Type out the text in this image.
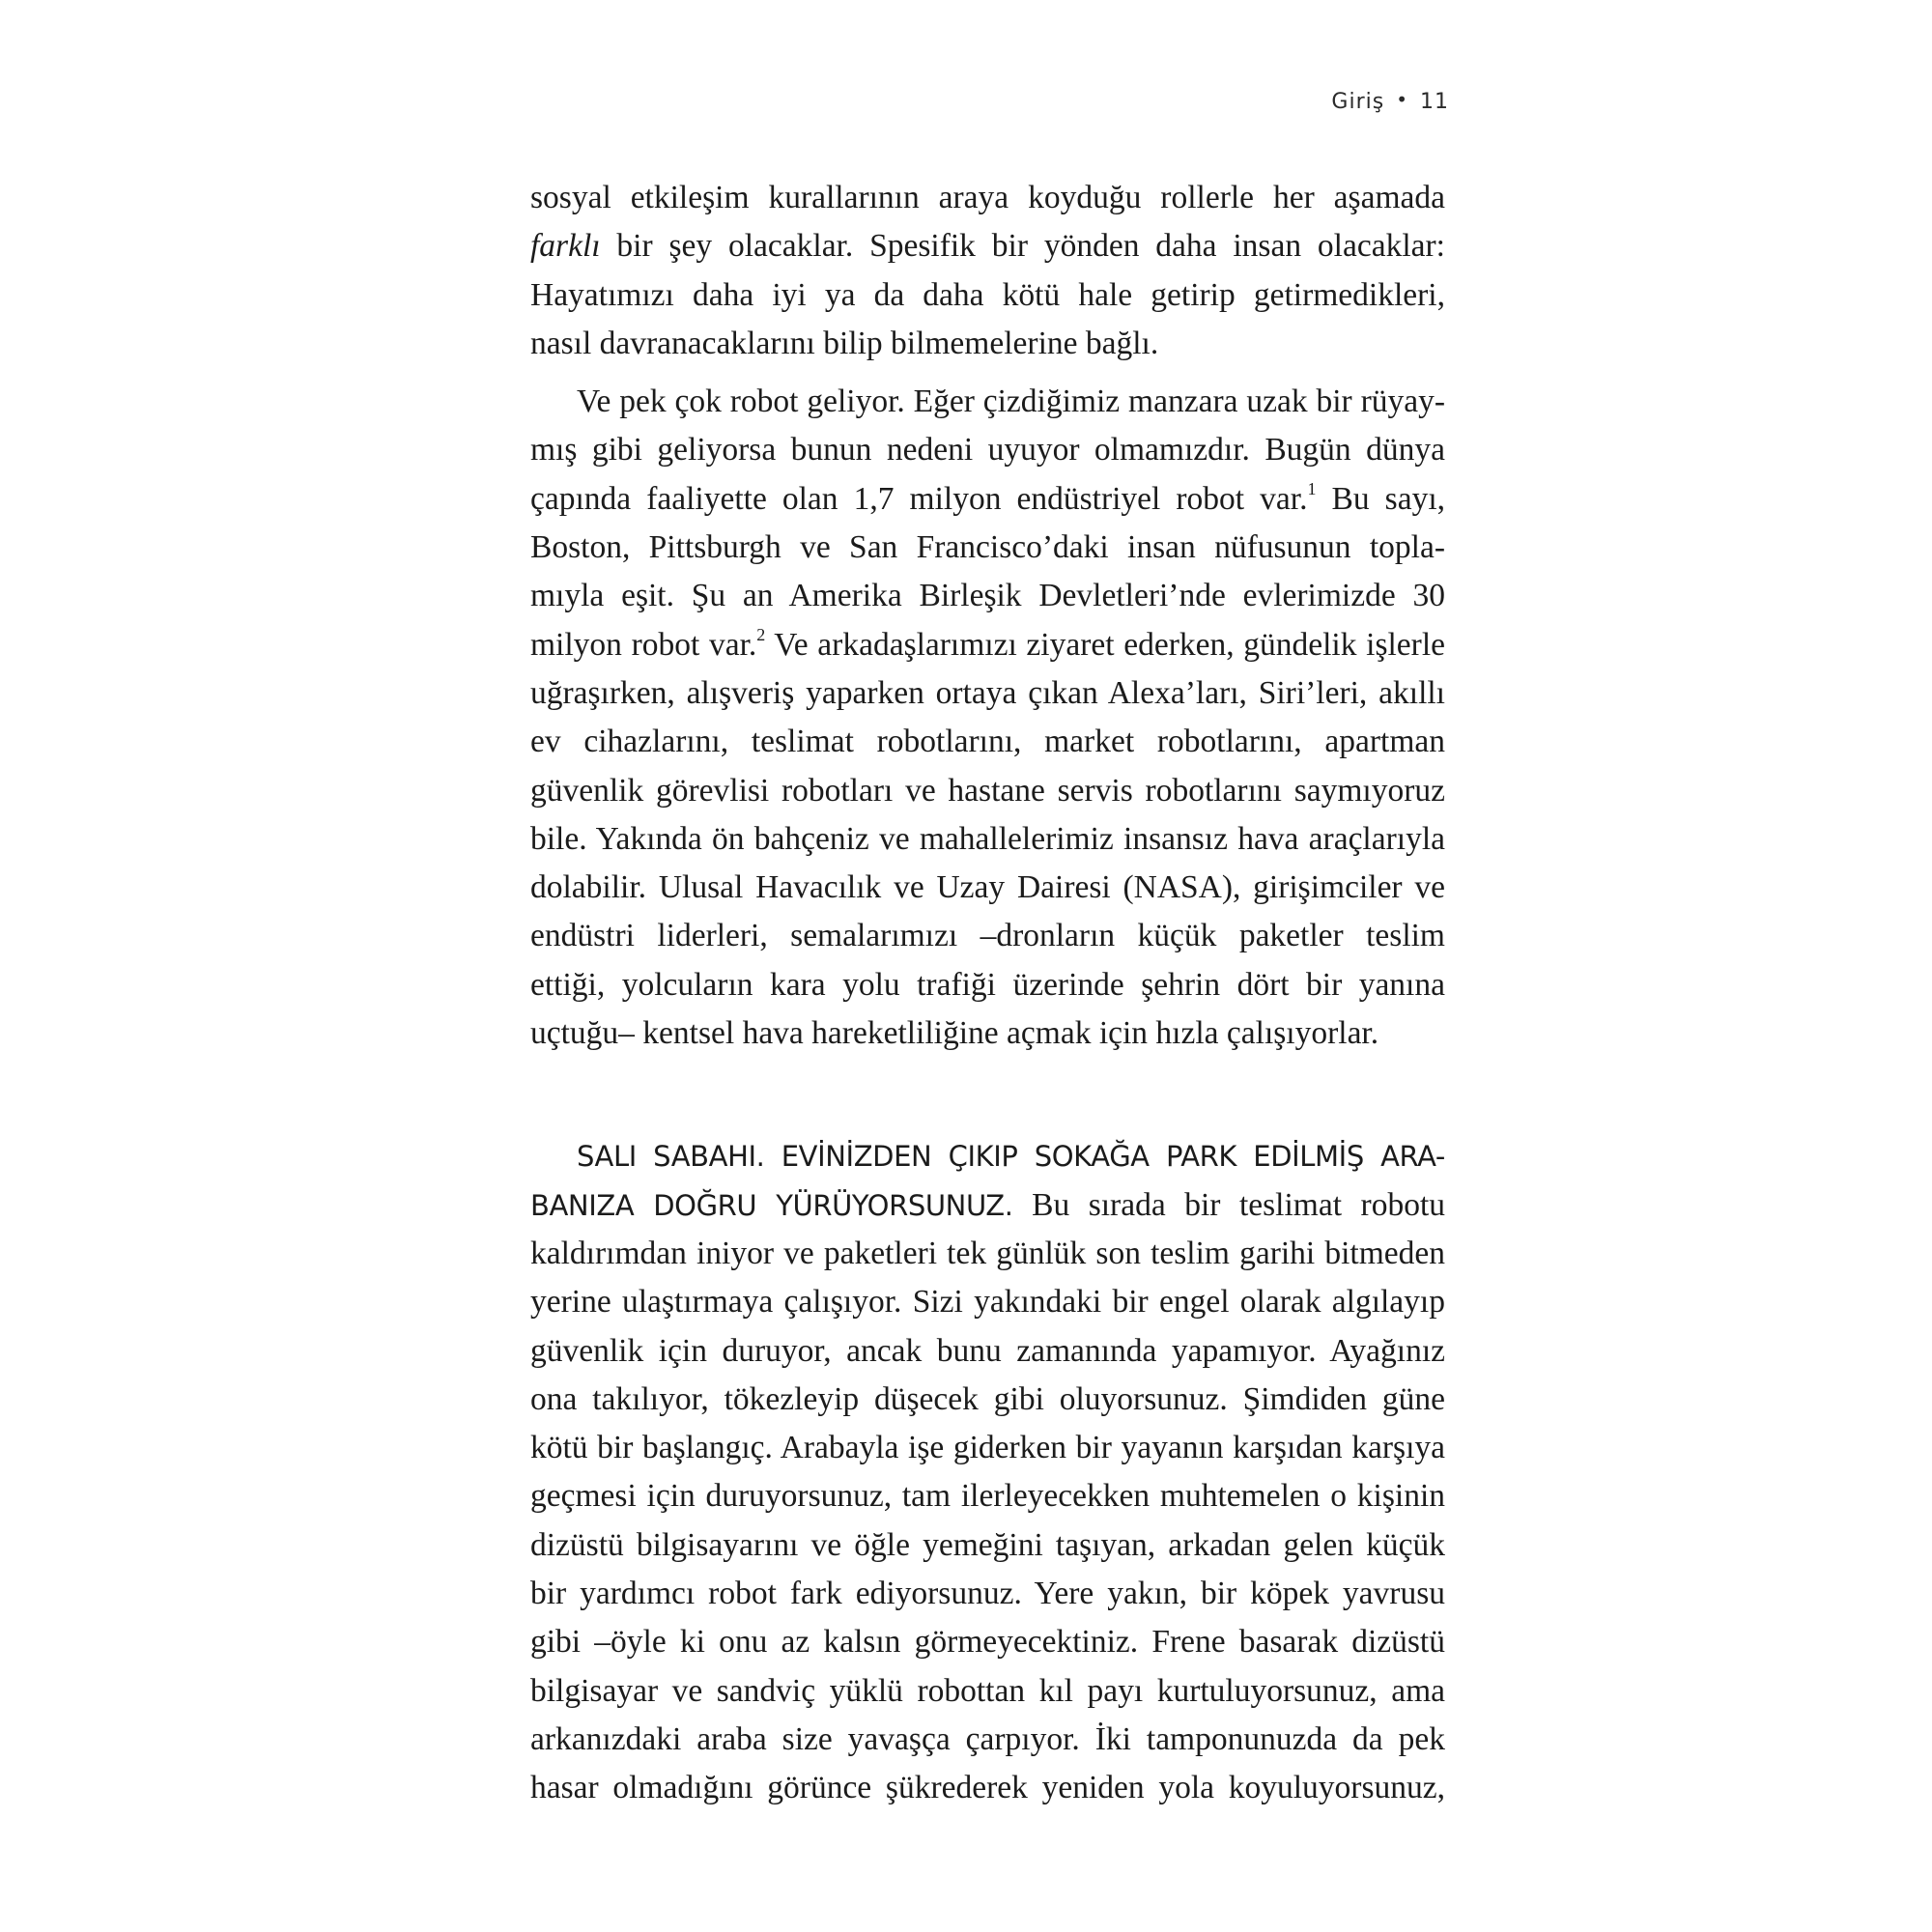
Giriş • 11

sosyal etkileşim kurallarının araya koyduğu rollerle her aşamada
farklı bir şey olacaklar. Spesifik bir yönden daha insan olacaklar:
Hayatımızı daha iyi ya da daha kötü hale getirip getirmedikleri,
nasıl davranacaklarını bilip bilmemelerine bağlı.

Ve pek çok robot geliyor. Eğer çizdiğimiz manzara uzak bir rüyay-
mış gibi geliyorsa bunun nedeni uyuyor olmamızdır. Bugün dünya
çapında faaliyette olan 1,7 milyon endüstriyel robot var.$^1$ Bu sayı,
Boston, Pittsburgh ve San Francisco’daki insan nüfusunun topla-
mıyla eşit. Şu an Amerika Birleşik Devletleri’nde evlerimizde 30
milyon robot var.$^2$ Ve arkadaşlarımızı ziyaret ederken, gündelik işlerle
uğraşırken, alışveriş yaparken ortaya çıkan Alexa’ları, Siri’leri, akıllı
ev cihazlarını, teslimat robotlarını, market robotlarını, apartman
güvenlik görevlisi robotları ve hastane servis robotlarını saymıyoruz
bile. Yakında ön bahçeniz ve mahallelerimiz insansız hava araçlarıyla
dolabilir. Ulusal Havacılık ve Uzay Dairesi (NASA), girişimciler ve
endüstri liderleri, semalarımızı –dronların küçük paketler teslim
ettiği, yolcuların kara yolu trafiği üzerinde şehrin dört bir yanına
uçtuğu– kentsel hava hareketliliğine açmak için hızla çalışıyorlar.

SALI SABAHI. EVİNİZDEN ÇIKIP SOKAĞA PARK EDİLMİŞ ARA-
BANIZA DOĞRU YÜRÜYORSUNUZ. Bu sırada bir teslimat robotu
kaldırımdan iniyor ve paketleri tek günlük son teslim garihi bitmeden
yerine ulaştırmaya çalışıyor. Sizi yakındaki bir engel olarak algılayıp
güvenlik için duruyor, ancak bunu zamanında yapamıyor. Ayağınız
ona takılıyor, tökezleyip düşecek gibi oluyorsunuz. Şimdiden güne
kötü bir başlangıç. Arabayla işe giderken bir yayanın karşıdan karşıya
geçmesi için duruyorsunuz, tam ilerleyecekken muhtemelen o kişinin
dizüstü bilgisayarını ve öğle yemeğini taşıyan, arkadan gelen küçük
bir yardımcı robot fark ediyorsunuz. Yere yakın, bir köpek yavrusu
gibi –öyle ki onu az kalsın görmeyecektiniz. Frene basarak dizüstü
bilgisayar ve sandviç yüklü robottan kıl payı kurtuluyorsunuz, ama
arkanızdaki araba size yavaşça çarpıyor. İki tamponunuzda da pek
hasar olmadığını görünce şükrederek yeniden yola koyuluyorsunuz,
